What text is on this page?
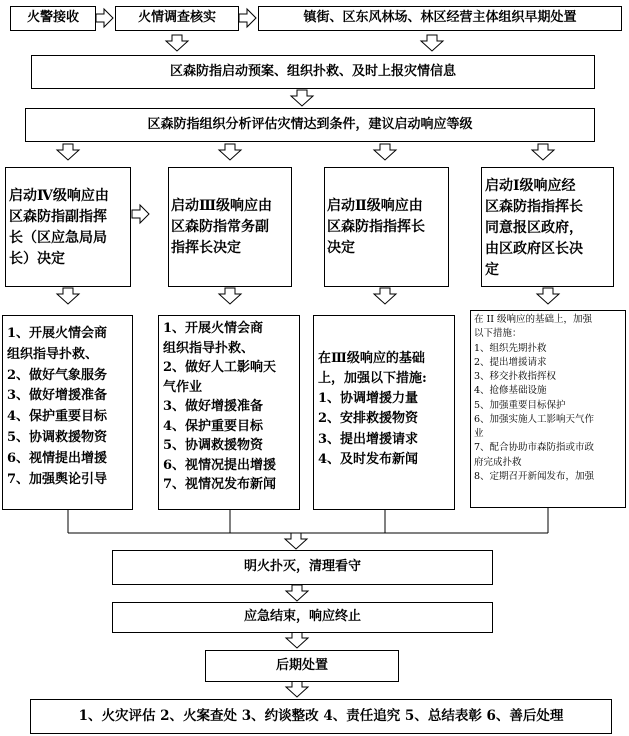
火警接收	火情调查核实	镇街、区东风林场、林区经营主体组织早期处置
区森防指启动预案、组织扑救、及时上报灾情信息
区森防指组织分析评估灾情达到条件，建议启动响应等级
启动Ⅳ级响应由
区森防指副指挥
长（区应急局局
长）决定
启动Ⅲ级响应由
区森防指常务副
指挥长决定
启动Ⅱ级响应由
区森防指指挥长
决定
启动Ⅰ级响应经
区森防指指挥长
同意报区政府，
由区政府区长决
定
1、开展火情会商
组织指导扑救、
2、做好气象服务
3、做好增援准备
4、保护重要目标
5、协调救援物资
6、视情提出增援
7、加强舆论引导
1、开展火情会商
组织指导扑救、
2、做好人工影响天
气作业
3、做好增援准备
4、保护重要目标
5、协调救援物资
6、视情况提出增援
7、视情况发布新闻
在Ⅲ级响应的基础
上，加强以下措施:
1、协调增援力量
2、安排救援物资
3、提出增援请求
4、及时发布新闻
在 II 级响应的基础上，加强
以下措施：
1、组织先期扑救
2、提出增援请求
3、移交扑救指挥权
4、抢修基础设施
5、加强重要目标保护
6、加强实施人工影响天气作
业
7、配合协助市森防指或市政
府完成扑救
8、定期召开新闻发布，加强
明火扑灭，清理看守
应急结束，响应终止
后期处置
1、火灾评估 2、火案查处 3、约谈整改 4、责任追究 5、总结表彰 6、善后处理
